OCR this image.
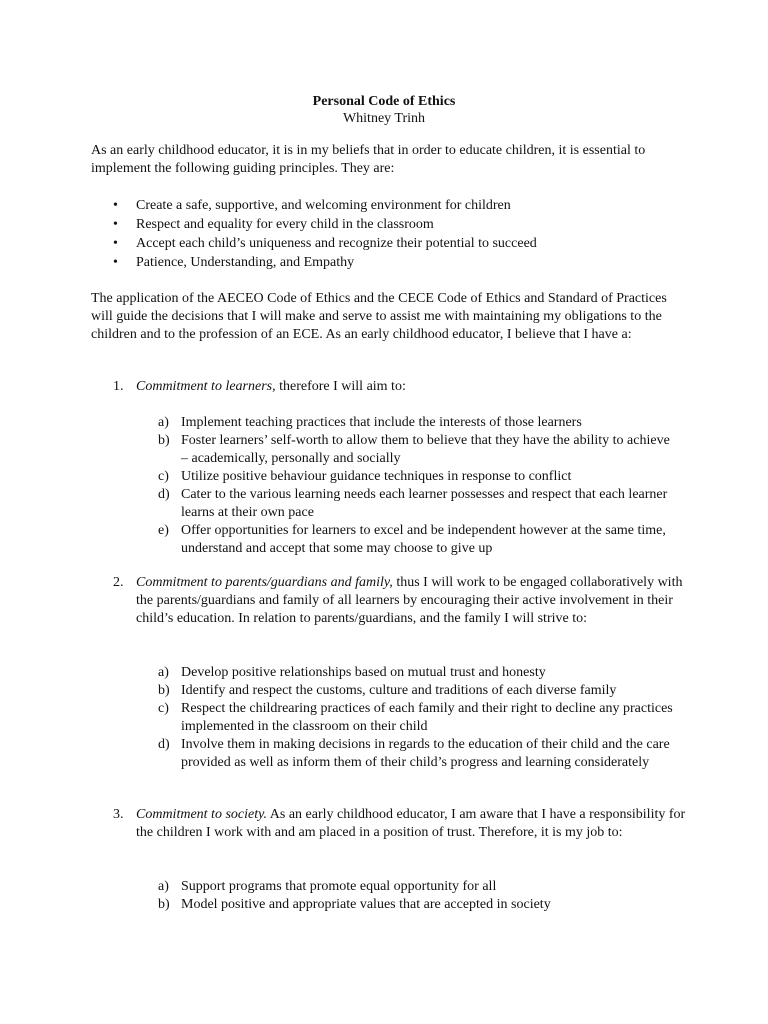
Personal Code of Ethics
Whitney Trinh

As an early childhood educator, it is in my beliefs that in order to educate children, it is essential to implement the following guiding principles. They are:

• Create a safe, supportive, and welcoming environment for children
• Respect and equality for every child in the classroom
• Accept each child’s uniqueness and recognize their potential to succeed
• Patience, Understanding, and Empathy

The application of the AECEO Code of Ethics and the CECE Code of Ethics and Standard of Practices will guide the decisions that I will make and serve to assist me with maintaining my obligations to the children and to the profession of an ECE. As an early childhood educator, I believe that I have a:

1. Commitment to learners, therefore I will aim to:
a) Implement teaching practices that include the interests of those learners
b) Foster learners’ self-worth to allow them to believe that they have the ability to achieve – academically, personally and socially
c) Utilize positive behaviour guidance techniques in response to conflict
d) Cater to the various learning needs each learner possesses and respect that each learner learns at their own pace
e) Offer opportunities for learners to excel and be independent however at the same time, understand and accept that some may choose to give up
2. Commitment to parents/guardians and family, thus I will work to be engaged collaboratively with the parents/guardians and family of all learners by encouraging their active involvement in their child’s education. In relation to parents/guardians, and the family I will strive to:
a) Develop positive relationships based on mutual trust and honesty
b) Identify and respect the customs, culture and traditions of each diverse family
c) Respect the childrearing practices of each family and their right to decline any practices implemented in the classroom on their child
d) Involve them in making decisions in regards to the education of their child and the care provided as well as inform them of their child’s progress and learning considerately
3. Commitment to society. As an early childhood educator, I am aware that I have a responsibility for the children I work with and am placed in a position of trust. Therefore, it is my job to:
a) Support programs that promote equal opportunity for all
b) Model positive and appropriate values that are accepted in society
